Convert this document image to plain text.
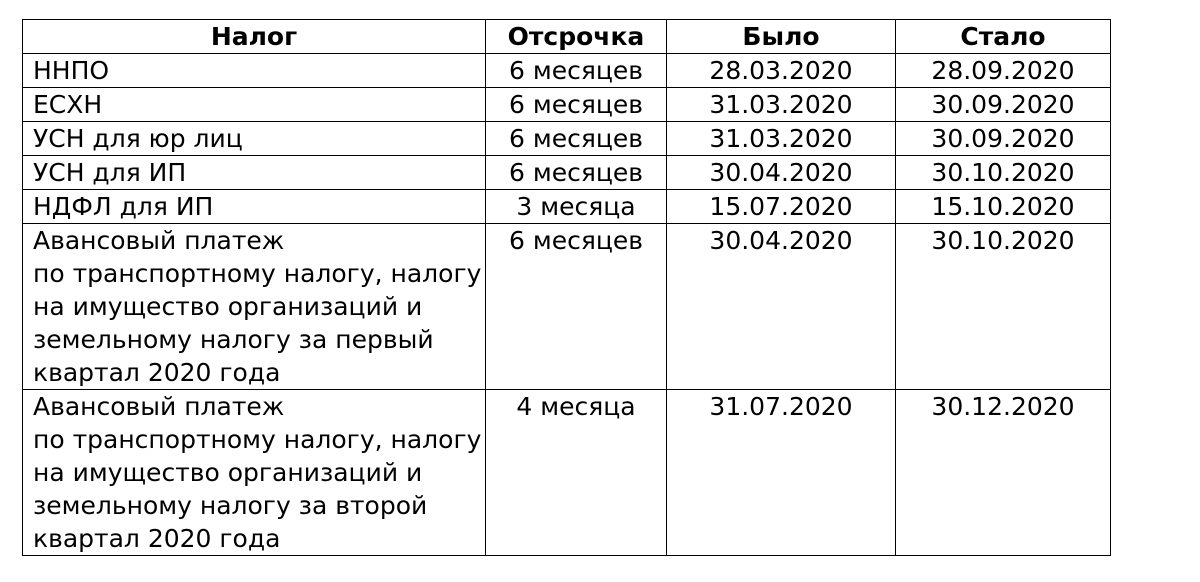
Налог	Отсрочка	Было	Стало

ННПО	6 месяцев	28.03.2020	28.09.2020

ЕСХН	6 месяцев	31.03.2020	30.09.2020

УСН для юр лиц	6 месяцев	31.03.2020	30.09.2020

УСН для ИП	6 месяцев	30.04.2020	30.10.2020

НДФЛ для ИП	3 месяца	15.07.2020	15.10.2020

Авансовый платеж
по транспортному налогу, налогу
на имущество организаций и
земельному налогу за первый
квартал 2020 года	6 месяцев	30.04.2020	30.10.2020

Авансовый платеж
по транспортному налогу, налогу
на имущество организаций и
земельному налогу за второй
квартал 2020 года	4 месяца	31.07.2020	30.12.2020
